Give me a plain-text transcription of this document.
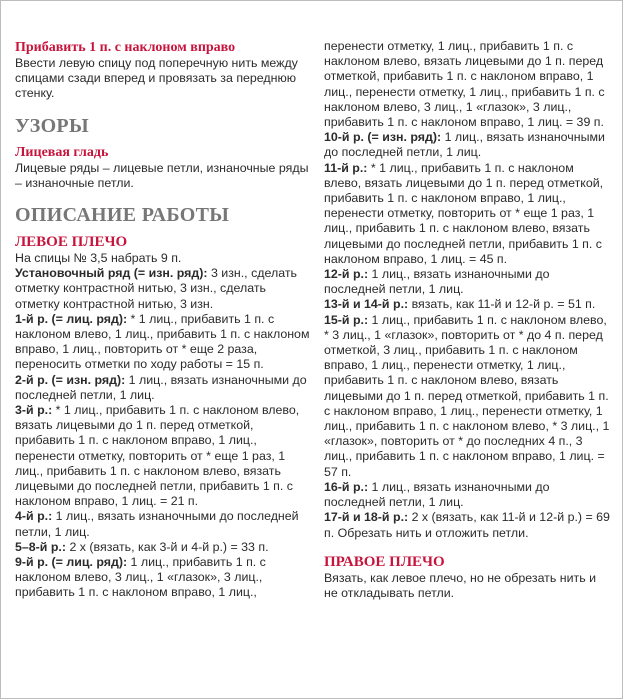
Прибавить 1 п. с наклоном вправо

Ввести левую спицу под поперечную нить между спицами сзади вперед и провязать за переднюю стенку.

УЗОРЫ

Лицевая гладь

Лицевые ряды – лицевые петли, изнаночные ряды – изнаночные петли.

ОПИСАНИЕ РАБОТЫ

ЛЕВОЕ ПЛЕЧО

На спицы № 3,5 набрать 9 п.

Установочный ряд (= изн. ряд): 3 изн., сделать отметку контрастной нитью, 3 изн., сделать отметку контрастной нитью, 3 изн.

1-й р. (= лиц. ряд): * 1 лиц., прибавить 1 п. с наклоном влево, 1 лиц., прибавить 1 п. с наклоном вправо, 1 лиц., повторить от * еще 2 раза, переносить отметки по ходу работы = 15 п.

2-й р. (= изн. ряд): 1 лиц., вязать изнаночными до последней петли, 1 лиц.

3-й р.: * 1 лиц., прибавить 1 п. с наклоном влево, вязать лицевыми до 1 п. перед отметкой, прибавить 1 п. с наклоном вправо, 1 лиц., перенести отметку, повторить от * еще 1 раз, 1 лиц., прибавить 1 п. с наклоном влево, вязать лицевыми до последней петли, прибавить 1 п. с наклоном вправо, 1 лиц. = 21 п.

4-й р.: 1 лиц., вязать изнаночными до последней петли, 1 лиц.

5–8-й р.: 2 х (вязать, как 3-й и 4-й р.) = 33 п.

9-й р. (= лиц. ряд): 1 лиц., прибавить 1 п. с наклоном влево, 3 лиц., 1 «глазок», 3 лиц., прибавить 1 п. с наклоном вправо, 1 лиц.,

перенести отметку, 1 лиц., прибавить 1 п. с наклоном влево, вязать лицевыми до 1 п. перед отметкой, прибавить 1 п. с наклоном вправо, 1 лиц., перенести отметку, 1 лиц., прибавить 1 п. с наклоном влево, 3 лиц., 1 «глазок», 3 лиц., прибавить 1 п. с наклоном вправо, 1 лиц. = 39 п.

10-й р. (= изн. ряд): 1 лиц., вязать изнаночными до последней петли, 1 лиц.

11-й р.: * 1 лиц., прибавить 1 п. с наклоном влево, вязать лицевыми до 1 п. перед отметкой, прибавить 1 п. с наклоном вправо, 1 лиц., перенести отметку, повторить от * еще 1 раз, 1 лиц., прибавить 1 п. с наклоном влево, вязать лицевыми до последней петли, прибавить 1 п. с наклоном вправо, 1 лиц. = 45 п.

12-й р.: 1 лиц., вязать изнаночными до последней петли, 1 лиц.

13-й и 14-й р.: вязать, как 11-й и 12-й р. = 51 п.

15-й р.: 1 лиц., прибавить 1 п. с наклоном влево, * 3 лиц., 1 «глазок», повторить от * до 4 п. перед отметкой, 3 лиц., прибавить 1 п. с наклоном вправо, 1 лиц., перенести отметку, 1 лиц., прибавить 1 п. с наклоном влево, вязать лицевыми до 1 п. перед отметкой, прибавить 1 п. с наклоном вправо, 1 лиц., перенести отметку, 1 лиц., прибавить 1 п. с наклоном влево, * 3 лиц., 1 «глазок», повторить от * до последних 4 п., 3 лиц., прибавить 1 п. с наклоном вправо, 1 лиц. = 57 п.

16-й р.: 1 лиц., вязать изнаночными до последней петли, 1 лиц.

17-й и 18-й р.: 2 х (вязать, как 11-й и 12-й р.) = 69 п. Обрезать нить и отложить петли.

ПРАВОЕ ПЛЕЧО

Вязать, как левое плечо, но не обрезать нить и не откладывать петли.
